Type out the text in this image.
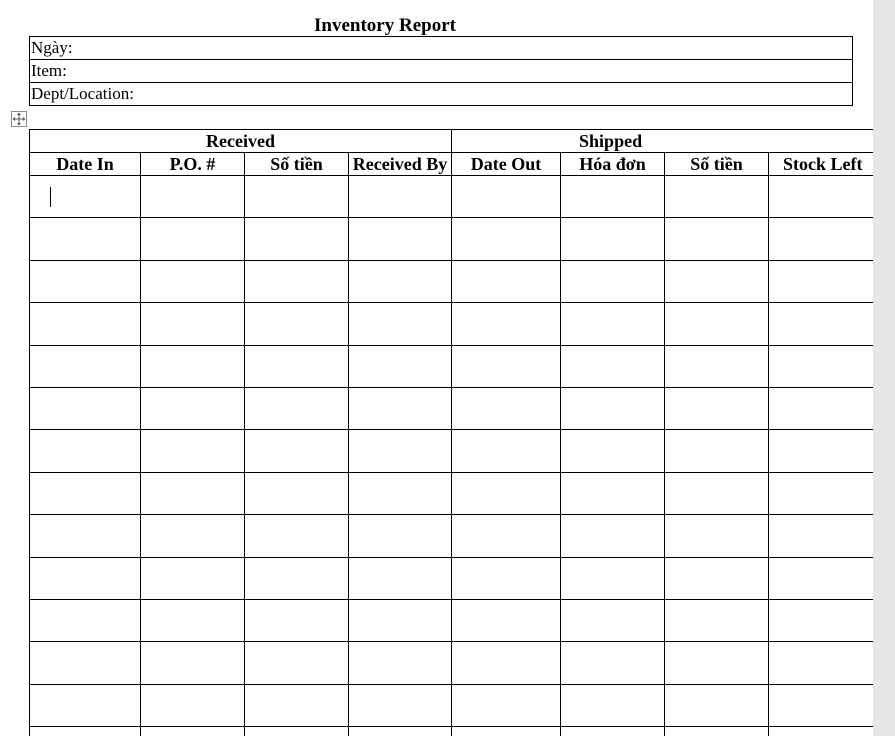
Inventory Report
Ngày:
Item:
Dept/Location:
Received				Shipped			
Date In	P.O. #	Số tiền	Received By	Date Out	Hóa đơn	Số tiền	Stock Left
